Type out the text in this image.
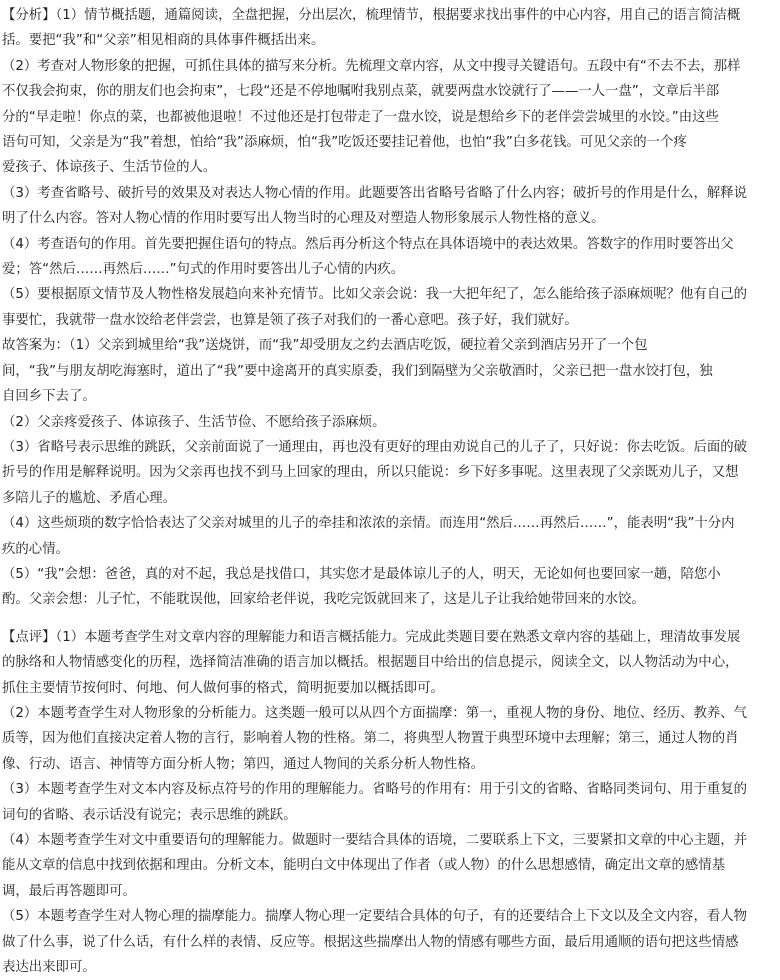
【分析】（1）情节概括题，通篇阅读，全盘把握，分出层次，梳理情节，根据要求找出事件的中心内容，用自己的语言简洁概
括。要把“我”和“父亲”相见相商的具体事件概括出来。
（2）考查对人物形象的把握，可抓住具体的描写来分析。先梳理文章内容，从文中搜寻关键语句。五段中有“不去不去，那样
不仅我会拘束，你的朋友们也会拘束”，七段“还是不停地嘱咐我别点菜，就要两盘水饺就行了——一人一盘”，文章后半部
分的“早走啦！你点的菜，也都被他退啦！不过他还是打包带走了一盘水饺，说是想给乡下的老伴尝尝城里的水饺。”由这些
语句可知，父亲是为“我”着想，怕给“我”添麻烦，怕“我”吃饭还要挂记着他，也怕“我”白多花钱。可见父亲的一个疼
爱孩子、体谅孩子、生活节俭的人。
（3）考查省略号、破折号的效果及对表达人物心情的作用。此题要答出省略号省略了什么内容；破折号的作用是什么，解释说
明了什么内容。答对人物心情的作用时要写出人物当时的心理及对塑造人物形象展示人物性格的意义。
（4）考查语句的作用。首先要把握住语句的特点。然后再分析这个特点在具体语境中的表达效果。答数字的作用时要答出父
爱；答“然后……再然后……”句式的作用时要答出儿子心情的内疚。
（5）要根据原文情节及人物性格发展趋向来补充情节。比如父亲会说：我一大把年纪了，怎么能给孩子添麻烦呢？他有自己的
事要忙，我就带一盘水饺给老伴尝尝，也算是领了孩子对我们的一番心意吧。孩子好，我们就好。
故答案为：（1）父亲到城里给“我”送烧饼，而“我”却受朋友之约去酒店吃饭，硬拉着父亲到酒店另开了一个包
间，“我”与朋友胡吃海塞时，道出了“我”要中途离开的真实原委，我们到隔壁为父亲敬酒时，父亲已把一盘水饺打包，独
自回乡下去了。
（2）父亲疼爱孩子、体谅孩子、生活节俭、不愿给孩子添麻烦。
（3）省略号表示思维的跳跃，父亲前面说了一通理由，再也没有更好的理由劝说自己的儿子了，只好说：你去吃饭。后面的破
折号的作用是解释说明。因为父亲再也找不到马上回家的理由，所以只能说：乡下好多事呢。这里表现了父亲既劝儿子，又想
多陪儿子的尴尬、矛盾心理。
（4）这些烦琐的数字恰恰表达了父亲对城里的儿子的牵挂和浓浓的亲情。而连用“然后……再然后……”，能表明“我”十分内
疚的心情。
（5）“我”会想：爸爸，真的对不起，我总是找借口，其实您才是最体谅儿子的人，明天，无论如何也要回家一趟，陪您小
酌。父亲会想：儿子忙，不能耽误他，回家给老伴说，我吃完饭就回来了，这是儿子让我给她带回来的水饺。
【点评】（1）本题考查学生对文章内容的理解能力和语言概括能力。完成此类题目要在熟悉文章内容的基础上，理清故事发展
的脉络和人物情感变化的历程，选择简洁准确的语言加以概括。根据题目中给出的信息提示，阅读全文，以人物活动为中心，
抓住主要情节按何时、何地、何人做何事的格式，简明扼要加以概括即可。
（2）本题考查学生对人物形象的分析能力。这类题一般可以从四个方面揣摩：第一，重视人物的身份、地位、经历、教养、气
质等，因为他们直接决定着人物的言行，影响着人物的性格。第二，将典型人物置于典型环境中去理解；第三，通过人物的肖
像、行动、语言、神情等方面分析人物；第四，通过人物间的关系分析人物性格。
（3）本题考查学生对文本内容及标点符号的作用的理解能力。省略号的作用有：用于引文的省略、省略同类词句、用于重复的
词句的省略、表示话没有说完；表示思维的跳跃。
（4）本题考查学生对文中重要语句的理解能力。做题时一要结合具体的语境，二要联系上下文，三要紧扣文章的中心主题，并
能从文章的信息中找到依据和理由。分析文本，能明白文中体现出了作者（或人物）的什么思想感情，确定出文章的感情基
调，最后再答题即可。
（5）本题考查学生对人物心理的揣摩能力。揣摩人物心理一定要结合具体的句子，有的还要结合上下文以及全文内容，看人物
做了什么事，说了什么话，有什么样的表情、反应等。根据这些揣摩出人物的情感有哪些方面，最后用通顺的语句把这些情感
表达出来即可。
